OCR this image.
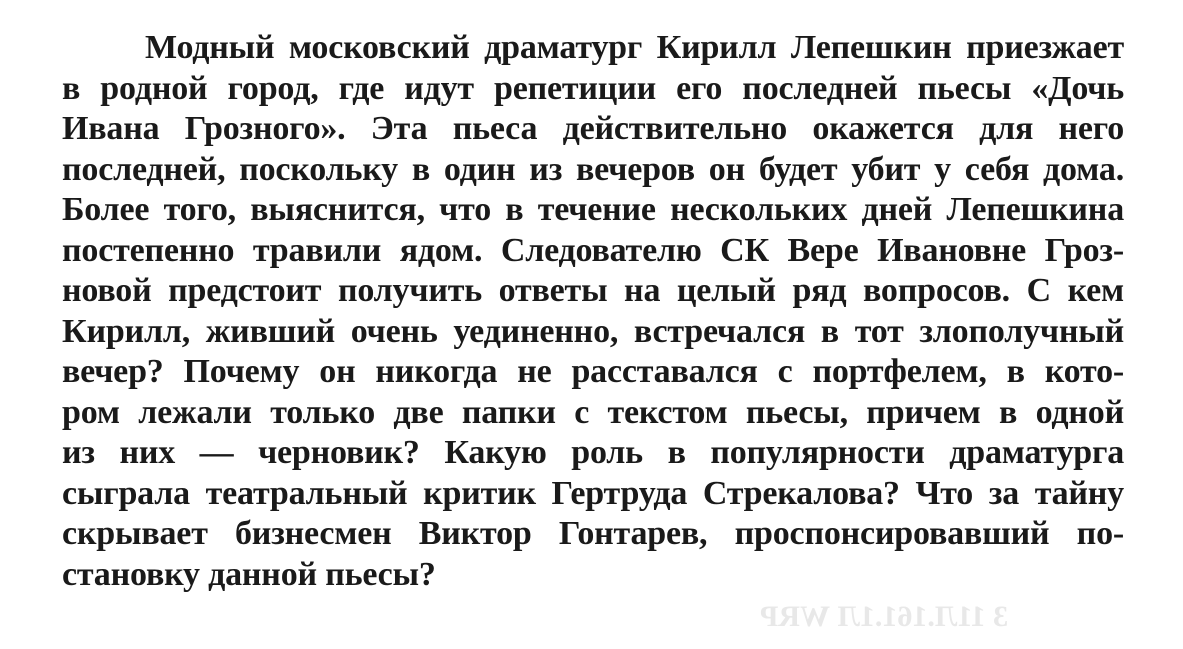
Модный московский драматург Кирилл Лепешкин приезжает
в родной город, где идут репетиции его последней пьесы «Дочь
Ивана Грозного». Эта пьеса действительно окажется для него
последней, поскольку в один из вечеров он будет убит у себя дома.
Более того, выяснится, что в течение нескольких дней Лепешкина
постепенно травили ядом. Следователю СК Вере Ивановне Гроз-
новой предстоит получить ответы на целый ряд вопросов. С кем
Кирилл, живший очень уединенно, встречался в тот злополучный
вечер? Почему он никогда не расставался с портфелем, в кото-
ром лежали только две папки с текстом пьесы, причем в одной
из них — черновик? Какую роль в популярности драматурга
сыграла театральный критик Гертруда Стрекалова? Что за тайну
скрывает бизнесмен Виктор Гонтарев, проспонсировавший по-
становку данной пьесы?
3 11Л.161.1Л WRP
